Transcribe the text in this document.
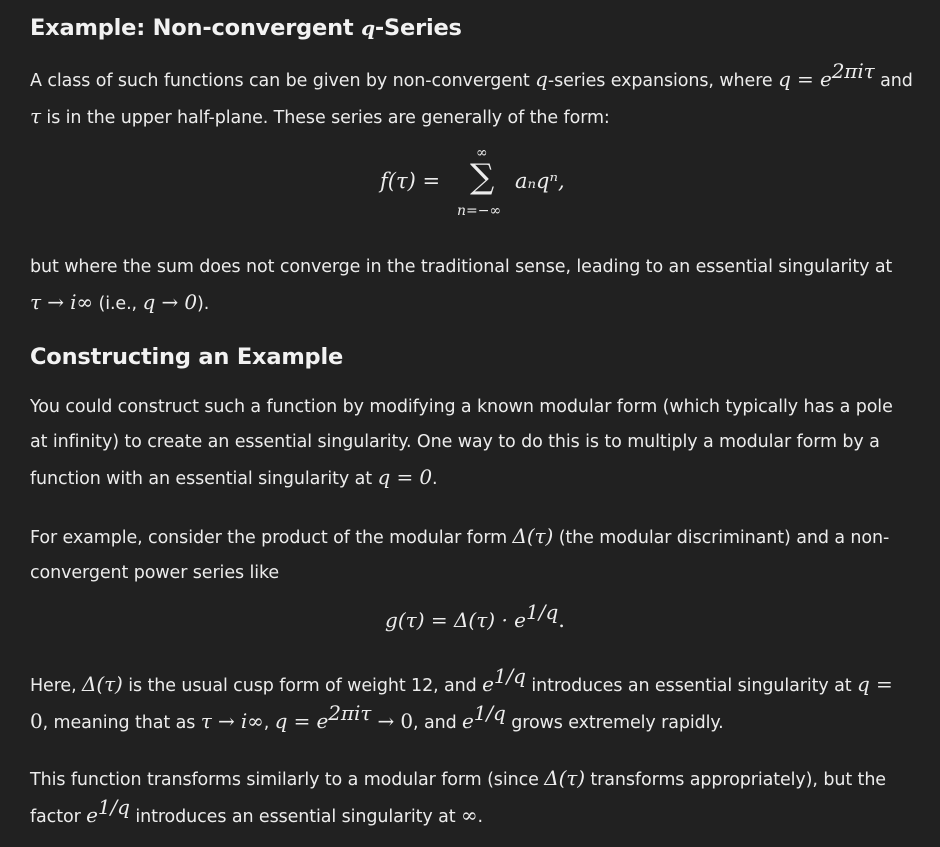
Example: Non-convergent q-Series

A class of such functions can be given by non-convergent q-series expansions, where $q = e^{2\pi i\tau}$ and
τ is in the upper half-plane. These series are generally of the form:

f(τ) =
∞
∑
n=−∞
aₙqⁿ,

but where the sum does not converge in the traditional sense, leading to an essential singularity at
τ → i∞ (i.e., q → 0).

Constructing an Example

You could construct such a function by modifying a known modular form (which typically has a pole
at infinity) to create an essential singularity. One way to do this is to multiply a modular form by a
function with an essential singularity at q = 0.

For example, consider the product of the modular form Δ(τ) (the modular discriminant) and a non-
convergent power series like

$g(\tau) = \Delta(\tau) \cdot e^{1/q}$.

Here, Δ(τ) is the usual cusp form of weight 12, and $e^{1/q}$ introduces an essential singularity at q =
0, meaning that as τ → i∞, $q = e^{2\pi i\tau} \to 0$, and $e^{1/q}$ grows extremely rapidly.

This function transforms similarly to a modular form (since Δ(τ) transforms appropriately), but the
factor $e^{1/q}$ introduces an essential singularity at ∞.
